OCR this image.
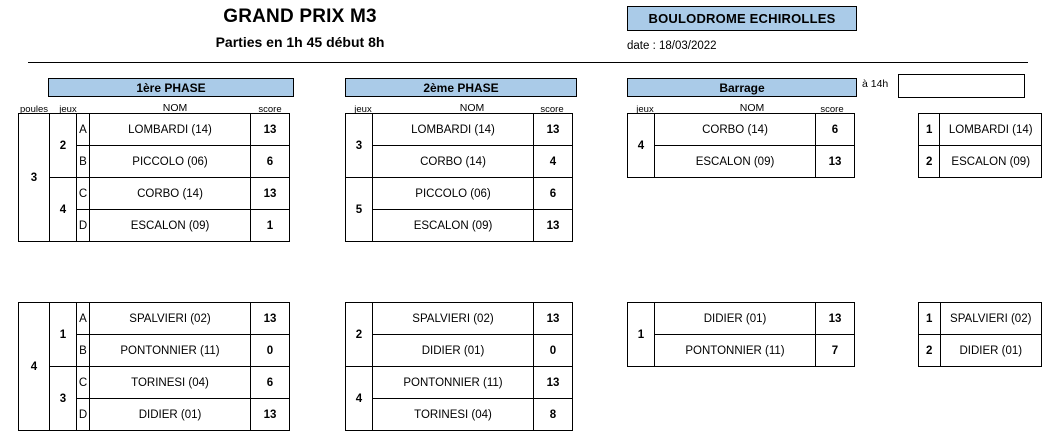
GRAND PRIX M3
Parties en 1h 45 début 8h
BOULODROME ECHIROLLES
date : 18/03/2022
1ère PHASE	2ème PHASE	Barrage	à 14h
poules	jeux	NOM	score	jeux	NOM	score	jeux	NOM	score
3	2	A	LOMBARDI (14)	13
		B	PICCOLO (06)	6
	4	C	CORBO (14)	13
		D	ESCALON (09)	1
3	LOMBARDI (14)	13
	CORBO (14)	4
5	PICCOLO (06)	6
	ESCALON (09)	13
4	CORBO (14)	6
	ESCALON (09)	13
1	LOMBARDI (14)
2	ESCALON (09)
4	1	A	SPALVIERI (02)	13
		B	PONTONNIER (11)	0
	3	C	TORINESI (04)	6
		D	DIDIER (01)	13
2	SPALVIERI (02)	13
	DIDIER (01)	0
4	PONTONNIER (11)	13
	TORINESI (04)	8
1	DIDIER (01)	13
	PONTONNIER (11)	7
1	SPALVIERI (02)
2	DIDIER (01)
